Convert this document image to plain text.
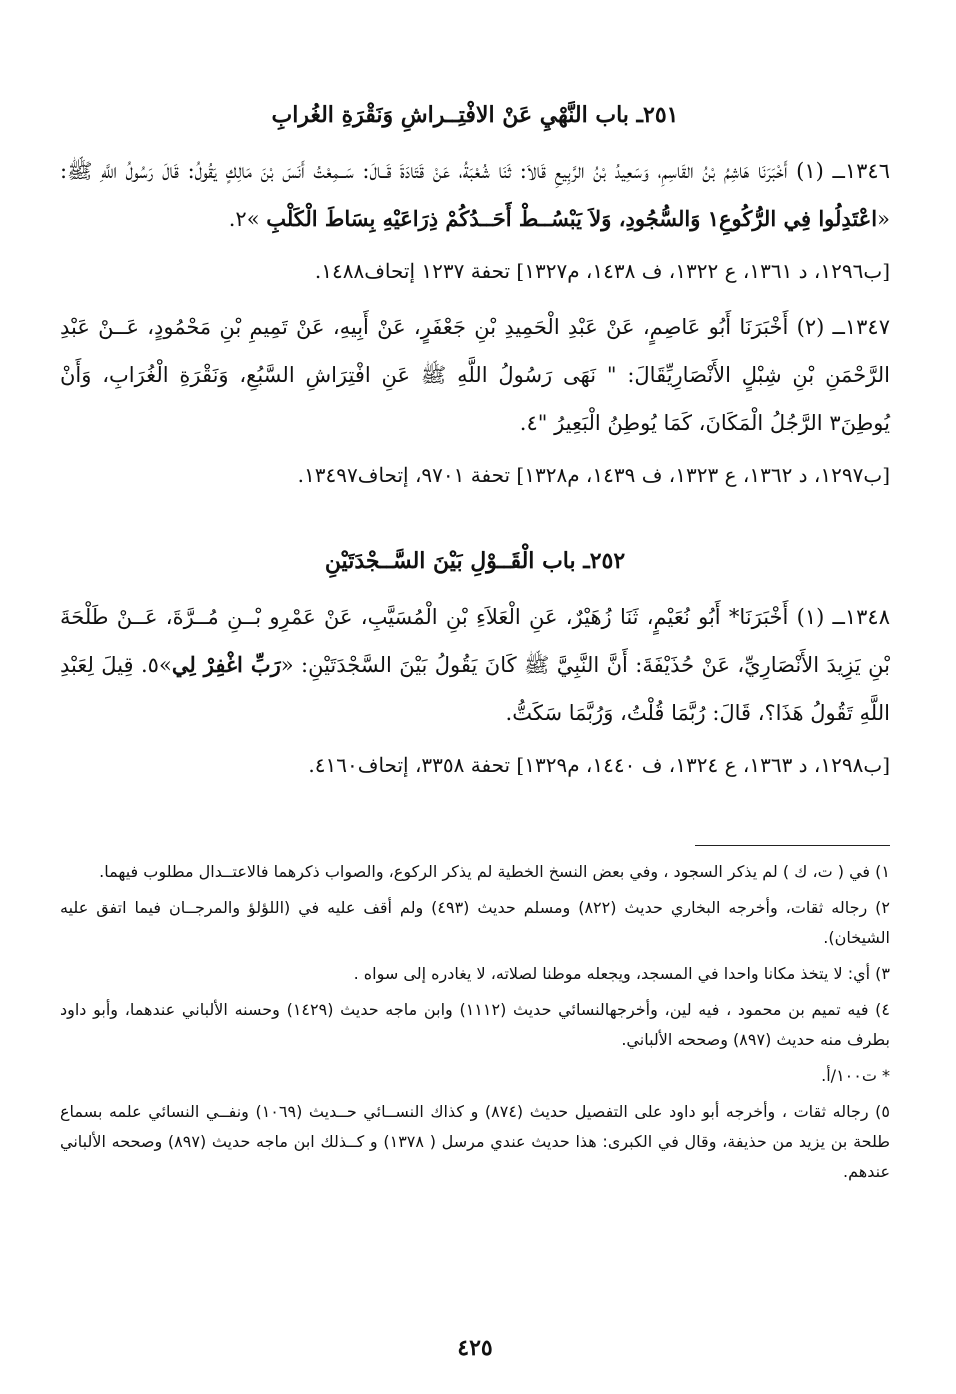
٢٥١ـ باب النَّهْيِ عَنْ الافْتِــراشِ وَنَقْرَةِ الغُرابِ

١٣٤٦ــ (١) أَخْبَرَنَا هَاشِمُ بْنُ القَاسِمِ، وَسَعِيدُ بْنُ الرَّبِيعِ قَالاَ: ثَنَا شُعْبَةُ، عَنْ قَتَادَةَ قَــالَ: سَــمِعْتُ أَنَسَ بْنَ مَالِكٍ يَقُولُ: قَالَ رَسُولُ اللَّهِ ﷺ: «اعْتَدِلُوا فِي الرُّكُوعِ١ وَالسُّجُودِ، وَلاَ يَبْسُــطْ أَحَــدُكُمْ ذِرَاعَيْهِ بِسَاطَ الْكَلْبِ »٢.

[ب١٢٩٦، د ١٣٦١، ع ١٣٢٢، ف ١٤٣٨، م١٣٢٧] تحفة ١٢٣٧ إتحاف١٤٨٨.

١٣٤٧ــ (٢) أَخْبَرَنَا أَبُو عَاصِمٍ، عَنْ عَبْدِ الْحَمِيدِ بْنِ جَعْفَرٍ، عَنْ أَبِيهِ، عَنْ تَمِيمِ بْنِ مَحْمُودٍ، عَــنْ عَبْدِ الرَّحْمَنِ بْنِ شِبْلٍ الأَنْصَارِيِّقَالَ: " نَهَى رَسُولُ اللَّهِ ﷺ عَنِ افْتِرَاشِ السَّبُعِ، وَنَقْرَةِ الْغُرَابِ، وَأَنْ يُوطِنَ٣ الرَّجُلُ الْمَكَانَ، كَمَا يُوطِنُ الْبَعِيرُ "٤.

[ب١٢٩٧، د ١٣٦٢، ع ١٣٢٣، ف ١٤٣٩، م١٣٢٨] تحفة ٩٧٠١، إتحاف١٣٤٩٧.
٢٥٢ـ باب الْقَــوْلِ بَيْنَ السَّــجْدَتَيْنِ

١٣٤٨ــ (١) أَخْبَرَنَا* أَبُو نُعَيْمٍ، ثَنَا زُهَيْرٌ، عَنِ الْعَلاَءِ بْنِ الْمُسَيَّبِ، عَنْ عَمْرِو بْــنِ مُــرَّةَ، عَــنْ طَلْحَةَ بْنِ يَزِيدَ الأَنْصَارِيِّ، عَنْ حُذَيْفَةَ: أَنَّ النَّبِيَّ ﷺ كَانَ يَقُولُ بَيْنَ السَّجْدَتَيْنِ: «رَبِّ اغْفِرْ لِي»٥. قِيلَ لِعَبْدِ اللَّهِ تَقُولُ هَذَا؟، قَالَ: رُبَّمَا قُلْتُ، وَرُبَّمَا سَكَتُّ.

[ب١٢٩٨، د ١٣٦٣، ع ١٣٢٤، ف ١٤٤٠، م١٣٢٩] تحفة ٣٣٥٨، إتحاف٤١٦٠.

١) في ( ت، ك ) لم يذكر السجود ، وفي بعض النسخ الخطية لم يذكر الركوع، والصواب ذكرهما فالاعتــدال مطلوب فيهما.

٢) رجاله ثقات، وأخرجه البخاري حديث (٨٢٢) ومسلم حديث (٤٩٣) ولم أقف عليه في (اللؤلؤ والمرجــان فيما اتفق عليه الشيخان).

٣) أي: لا يتخذ مكانا واحدا في المسجد، ويجعله موطنا لصلاته، لا يغادره إلى سواه .

٤) فيه تميم بن محمود ، فيه لين، وأخرجهالنسائي حديث (١١١٢) وابن ماجه حديث (١٤٢٩) وحسنه الألباني عندهما، وأبو داود بطرف منه حديث (٨٩٧) وصححه الألباني.

* ت١٠٠/أ.

٥) رجاله ثقات ، وأخرجه أبو داود على التفصيل حديث (٨٧٤) و كذاك النســائي حــديث (١٠٦٩) ونفــي النسائي علمه بسماع طلحة بن يزيد من حذيفة، وقال في الكبرى: هذا حديث عندي مرسل ( ١٣٧٨) و كــذلك ابن ماجه حديث (٨٩٧) وصححه الألباني عندهم.

٤٢٥
